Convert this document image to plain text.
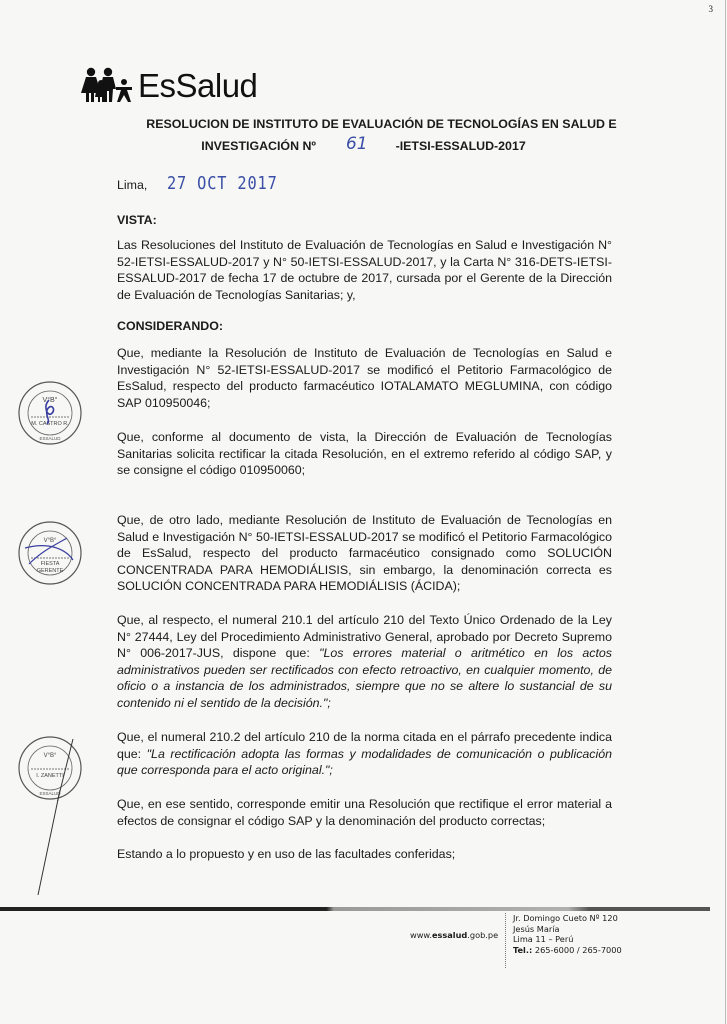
3
EsSalud
RESOLUCION DE INSTITUTO DE EVALUACIÓN DE TECNOLOGÍAS EN SALUD E
INVESTIGACIÓN Nº 61 -IETSI-ESSALUD-2017
Lima, 27 OCT 2017
VISTA:
Las Resoluciones del Instituto de Evaluación de Tecnologías en Salud e Investigación N° 52-IETSI-ESSALUD-2017 y N° 50-IETSI-ESSALUD-2017, y la Carta N° 316-DETS-IETSI-ESSALUD-2017 de fecha 17 de octubre de 2017, cursada por el Gerente de la Dirección de Evaluación de Tecnologías Sanitarias; y,
CONSIDERANDO:
Que, mediante la Resolución de Instituto de Evaluación de Tecnologías en Salud e Investigación N° 52-IETSI-ESSALUD-2017 se modificó el Petitorio Farmacológico de EsSalud, respecto del producto farmacéutico IOTALAMATO MEGLUMINA, con código SAP 010950046;
Que, conforme al documento de vista, la Dirección de Evaluación de Tecnologías Sanitarias solicita rectificar la citada Resolución, en el extremo referido al código SAP, y se consigne el código 010950060;
Que, de otro lado, mediante Resolución de Instituto de Evaluación de Tecnologías en Salud e Investigación N° 50-IETSI-ESSALUD-2017 se modificó el Petitorio Farmacológico de EsSalud, respecto del producto farmacéutico consignado como SOLUCIÓN CONCENTRADA PARA HEMODIÁLISIS, sin embargo, la denominación correcta es SOLUCIÓN CONCENTRADA PARA HEMODIÁLISIS (ÁCIDA);
Que, al respecto, el numeral 210.1 del artículo 210 del Texto Único Ordenado de la Ley N° 27444, Ley del Procedimiento Administrativo General, aprobado por Decreto Supremo N° 006-2017-JUS, dispone que: "Los errores material o aritmético en los actos administrativos pueden ser rectificados con efecto retroactivo, en cualquier momento, de oficio o a instancia de los administrados, siempre que no se altere lo sustancial de su contenido ni el sentido de la decisión.";
Que, el numeral 210.2 del artículo 210 de la norma citada en el párrafo precedente indica que: "La rectificación adopta las formas y modalidades de comunicación o publicación que corresponda para el acto original.";
Que, en ese sentido, corresponde emitir una Resolución que rectifique el error material a efectos de consignar el código SAP y la denominación del producto correctas;
Estando a lo propuesto y en uso de las facultades conferidas;
V°B°
M. CASTRO R.
ESSALUD
V°B°
FIESTA
GERENTE
V°B°
I. ZANETTI
ESSALUD
www.essalud.gob.pe
Jr. Domingo Cueto Nº 120
Jesús María
Lima 11 – Perú
Tel.: 265-6000 / 265-7000
